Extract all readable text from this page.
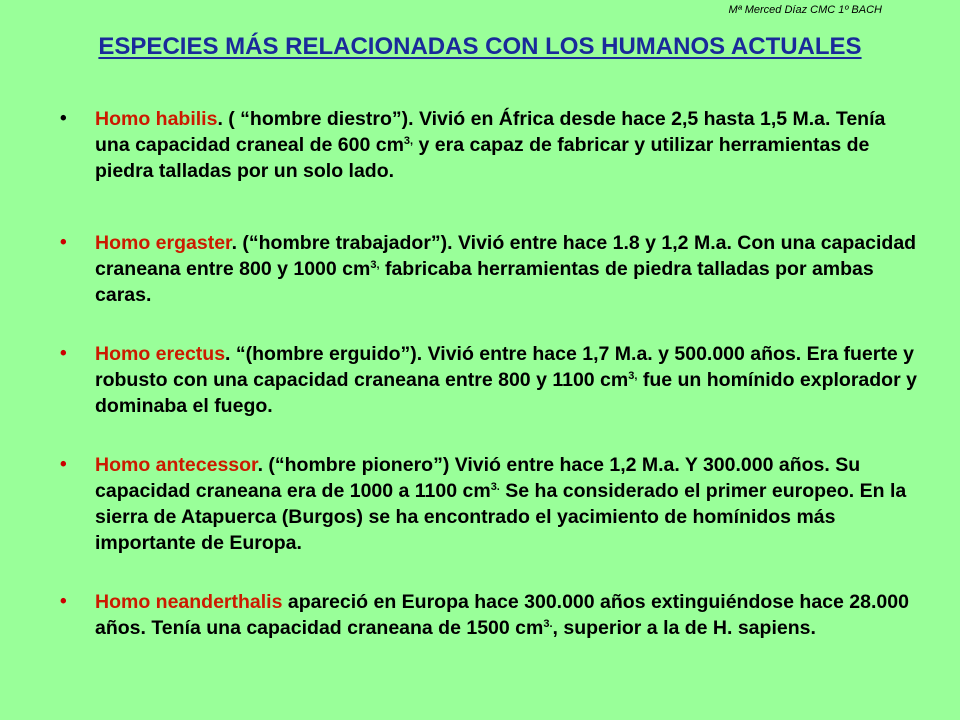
Mª Merced Díaz CMC 1º BACH
ESPECIES MÁS RELACIONADAS CON LOS HUMANOS ACTUALES
• Homo habilis. ( “hombre diestro”). Vivió en África desde hace 2,5 hasta 1,5 M.a. Tenía una capacidad craneal de 600 $cm^{3,}$ y era capaz de fabricar y utilizar herramientas de piedra talladas por un solo lado.
• Homo ergaster. (“hombre trabajador”). Vivió entre hace 1.8 y 1,2 M.a. Con una capacidad craneana entre 800 y 1000 $cm^{3,}$ fabricaba herramientas de piedra talladas por ambas caras.
• Homo erectus. “(hombre erguido”). Vivió entre hace 1,7 M.a. y 500.000 años. Era fuerte y robusto con una capacidad craneana entre 800 y 1100 $cm^{3,}$ fue un homínido explorador y dominaba el fuego.
• Homo antecessor. (“hombre pionero”) Vivió entre hace 1,2 M.a. Y 300.000 años. Su capacidad craneana era de 1000 a 1100 $cm^{3.}$ Se ha considerado el primer europeo. En la sierra de Atapuerca (Burgos) se ha encontrado el yacimiento de homínidos más importante de Europa.
• Homo neanderthalis apareció en Europa hace 300.000 años extinguiéndose hace 28.000 años. Tenía una capacidad craneana de 1500 $cm^{3.}$, superior a la de H. sapiens.
